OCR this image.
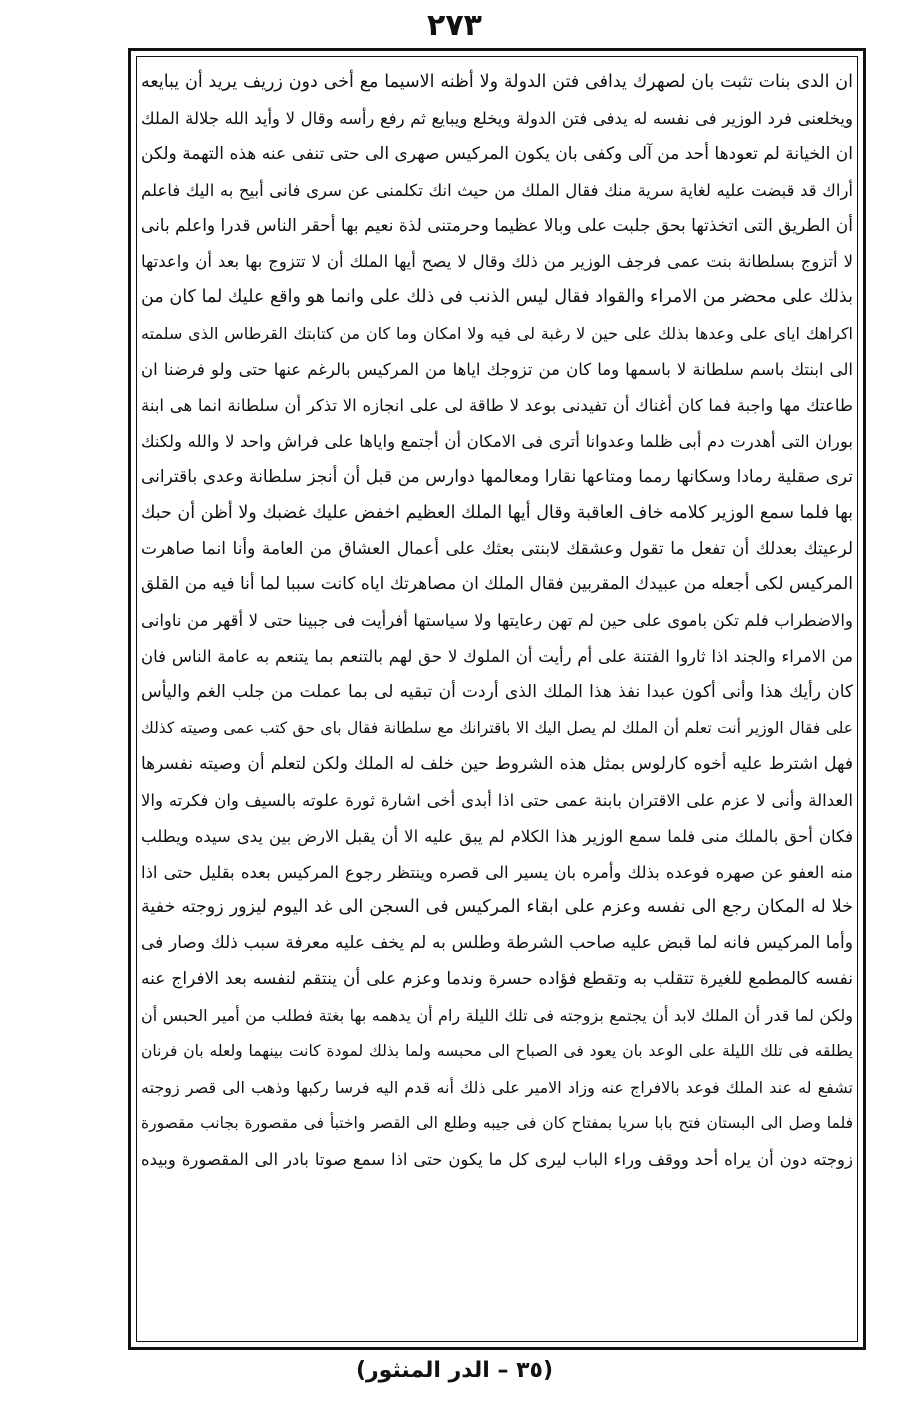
٢٧٣
ان الدى بنات تثبت بان لصهرك يدافى فتن الدولة ولا أظنه الاسيما مع أخى دون زريف يريد أن يبايعه
ويخلعنى فرد الوزير فى نفسه له يدفى فتن الدولة ويخلع ويبايع ثم رفع رأسه وقال لا وأيد الله جلالة الملك
ان الخيانة لم تعودها أحد من آلى وكفى بان يكون المركيس صهرى الى حتى تنفى عنه هذه التهمة ولكن
أراك قد قبضت عليه لغاية سرية منك فقال الملك من حيث انك تكلمنى عن سرى فانى أبيح به اليك فاعلم
أن الطريق التى اتخذتها بحق جلبت على وبالا عظيما وحرمتنى لذة نعيم بها أحقر الناس قدرا واعلم بانى
لا أتزوج بسلطانة بنت عمى فرجف الوزير من ذلك وقال لا يصح أيها الملك أن لا تتزوج بها بعد أن واعدتها
بذلك على محضر من الامراء والقواد فقال ليس الذنب فى ذلك على وانما هو واقع عليك لما كان من
اكراهك اياى على وعدها بذلك على حين لا رغبة لى فيه ولا امكان وما كان من كتابتك القرطاس الذى سلمته
الى ابنتك باسم سلطانة لا باسمها وما كان من تزوجك اياها من المركيس بالرغم عنها حتى ولو فرضنا ان
طاعتك مها واجبة فما كان أغناك أن تفيدنى بوعد لا طاقة لى على انجازه الا تذكر أن سلطانة انما هى ابنة
بوران التى أهدرت دم أبى ظلما وعدوانا أترى فى الامكان أن أجتمع واياها على فراش واحد لا والله ولكنك
ترى صقلية رمادا وسكانها رمما ومتاعها نقارا ومعالمها دوارس من قبل أن أنجز سلطانة وعدى باقترانى
بها فلما سمع الوزير كلامه خاف العاقبة وقال أيها الملك العظيم اخفض عليك غضبك ولا أظن أن حبك
لرعيتك بعدلك أن تفعل ما تقول وعشقك لابنتى بعثك على أعمال العشاق من العامة وأنا انما صاهرت
المركيس لكى أجعله من عبيدك المقربين فقال الملك ان مصاهرتك اياه كانت سببا لما أنا فيه من القلق
والاضطراب فلم تكن باموى على حين لم تهن رعايتها ولا سياستها أفرأيت فى جبينا حتى لا أقهر من ناوانى
من الامراء والجند اذا ثاروا الفتنة على أم رأيت أن الملوك لا حق لهم بالتنعم بما يتنعم به عامة الناس فان
كان رأيك هذا وأنى أكون عبدا نفذ هذا الملك الذى أردت أن تبقيه لى بما عملت من جلب الغم واليأس
على فقال الوزير أنت تعلم أن الملك لم يصل اليك الا باقترانك مع سلطانة فقال باى حق كتب عمى وصيته كذلك
فهل اشترط عليه أخوه كارلوس بمثل هذه الشروط حين خلف له الملك ولكن لتعلم أن وصيته نفسرها
العدالة وأنى لا عزم على الاقتران بابنة عمى حتى اذا أبدى أخى اشارة ثورة علوته بالسيف وان فكرته والا
فكان أحق بالملك منى فلما سمع الوزير هذا الكلام لم يبق عليه الا أن يقبل الارض بين يدى سيده ويطلب
منه العفو عن صهره فوعده بذلك وأمره بان يسير الى قصره وينتظر رجوع المركيس بعده بقليل حتى اذا
خلا له المكان رجع الى نفسه وعزم على ابقاء المركيس فى السجن الى غد اليوم ليزور زوجته خفية
وأما المركيس فانه لما قبض عليه صاحب الشرطة وطلس به لم يخف عليه معرفة سبب ذلك وصار فى
نفسه كالمطمع للغيرة تتقلب به وتقطع فؤاده حسرة وندما وعزم على أن ينتقم لنفسه بعد الافراج عنه
ولكن لما قدر أن الملك لابد أن يجتمع بزوجته فى تلك الليلة رام أن يدهمه بها بغتة فطلب من أمير الحبس أن
يطلقه فى تلك الليلة على الوعد بان يعود فى الصباح الى محبسه ولما بذلك لمودة كانت بينهما ولعله بان فرنان
تشفع له عند الملك فوعد بالافراج عنه وزاد الامير على ذلك أنه قدم اليه فرسا ركبها وذهب الى قصر زوجته
فلما وصل الى البستان فتح بابا سريا بمفتاح كان فى جيبه وطلع الى القصر واختبأ فى مقصورة بجانب مقصورة
زوجته دون أن يراه أحد ووقف وراء الباب ليرى كل ما يكون حتى اذا سمع صوتا بادر الى المقصورة وبيده
(٣٥ – الدر المنثور)
